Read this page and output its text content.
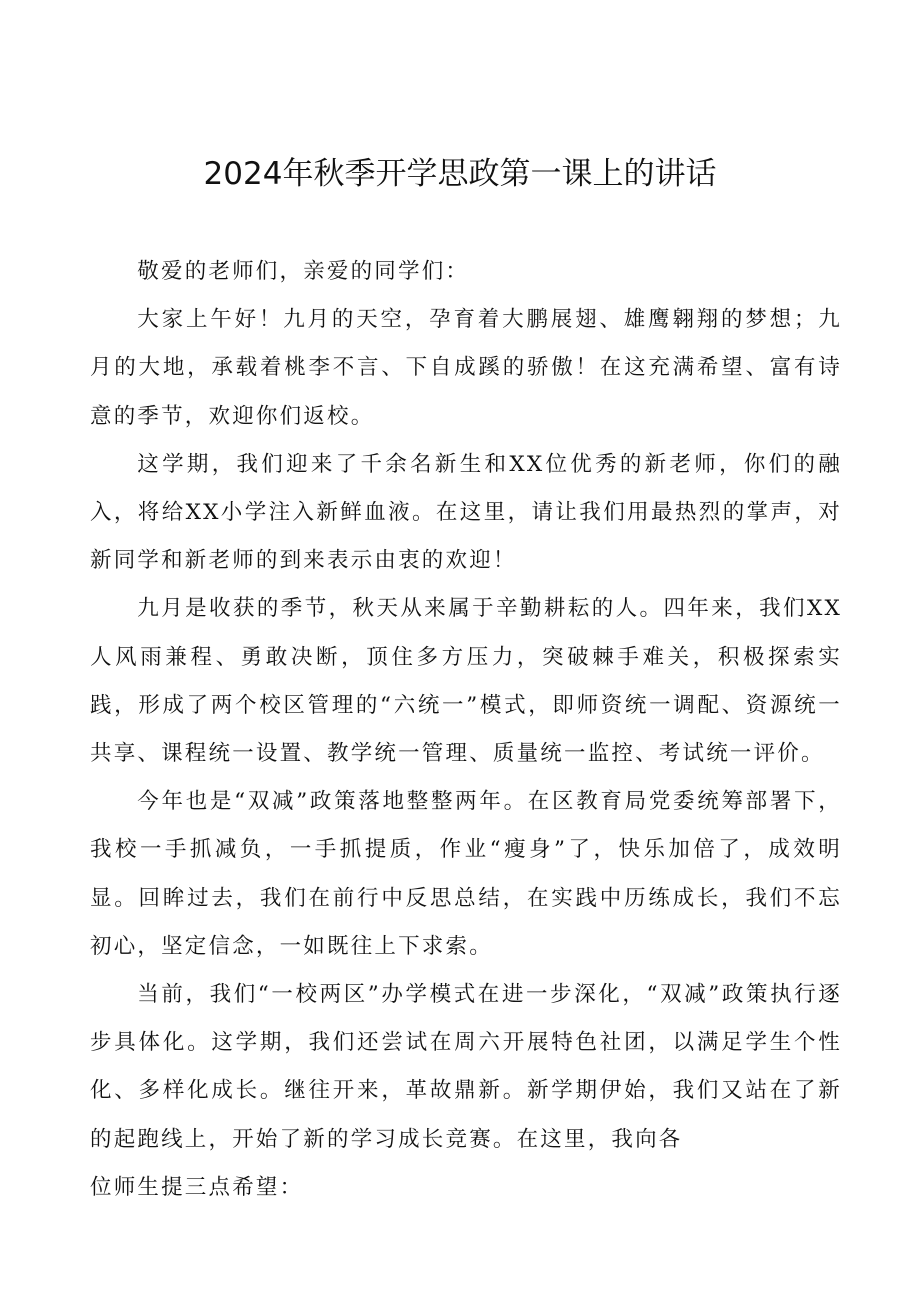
2024年秋季开学思政第一课上的讲话

敬爱的老师们，亲爱的同学们：

大家上午好！九月的天空，孕育着大鹏展翅、雄鹰翱翔的梦想；九月的大地，承载着桃李不言、下自成蹊的骄傲！在这充满希望、富有诗意的季节，欢迎你们返校。

这学期，我们迎来了千余名新生和XX位优秀的新老师，你们的融入，将给XX小学注入新鲜血液。在这里，请让我们用最热烈的掌声，对新同学和新老师的到来表示由衷的欢迎！

九月是收获的季节，秋天从来属于辛勤耕耘的人。四年来，我们XX人风雨兼程、勇敢决断，顶住多方压力，突破棘手难关，积极探索实践，形成了两个校区管理的“六统一”模式，即师资统一调配、资源统一共享、课程统一设置、教学统一管理、质量统一监控、考试统一评价。

今年也是“双减”政策落地整整两年。在区教育局党委统筹部署下，我校一手抓减负，一手抓提质，作业“瘦身”了，快乐加倍了，成效明显。回眸过去，我们在前行中反思总结，在实践中历练成长，我们不忘初心，坚定信念，一如既往上下求索。

当前，我们“一校两区”办学模式在进一步深化，“双减”政策执行逐步具体化。这学期，我们还尝试在周六开展特色社团，以满足学生个性化、多样化成长。继往开来，革故鼎新。新学期伊始，我们又站在了新的起跑线上，开始了新的学习成长竞赛。在这里，我向各

位师生提三点希望：
